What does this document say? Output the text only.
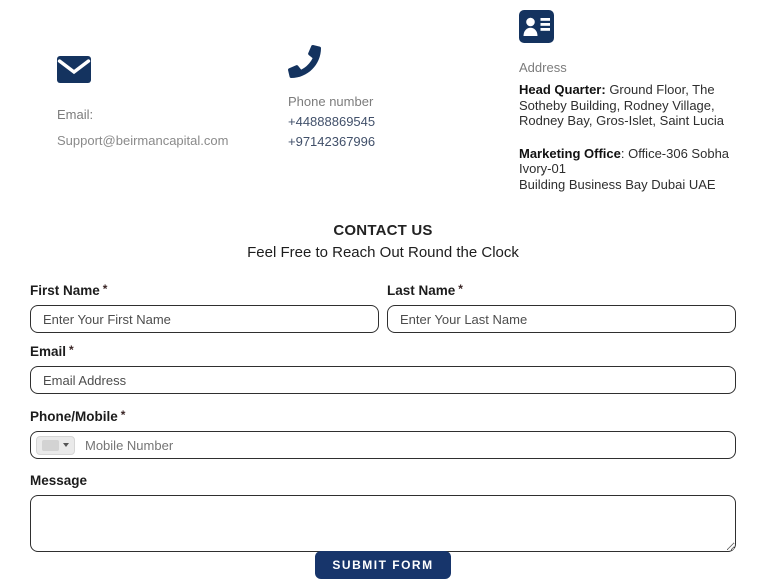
Email:
Support@beirmancapital.com
Phone number
+44888869545
+97142367996
Address
Head Quarter: Ground Floor, The Sotheby Building, Rodney Village, Rodney Bay, Gros-Islet, Saint Lucia
Marketing Office: Office-306 Sobha Ivory-01
Building Business Bay Dubai UAE
CONTACT US
Feel Free to Reach Out Round the Clock
First Name *
Enter Your First Name	Last Name *
Enter Your Last Name
Email *
Email Address
Phone/Mobile *
Mobile Number
Message
SUBMIT FORM
